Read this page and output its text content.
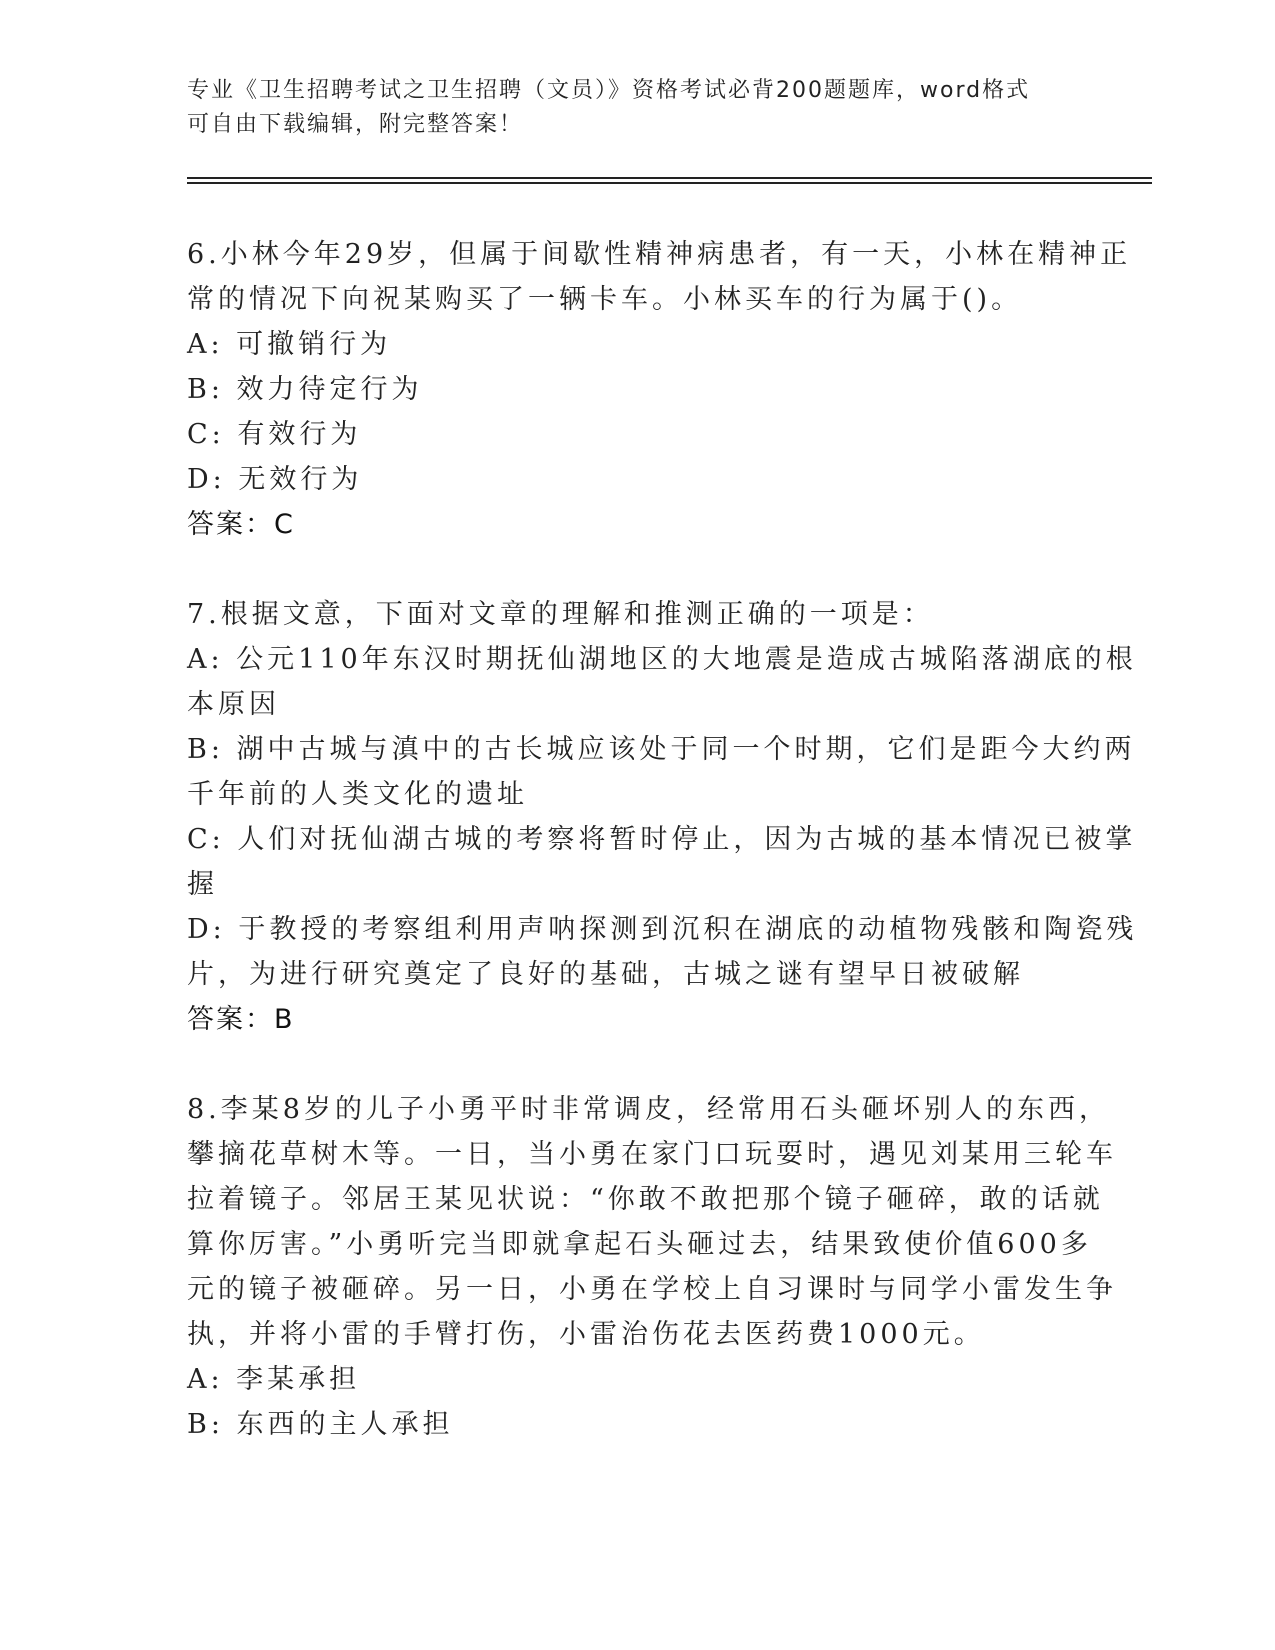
专业《卫生招聘考试之卫生招聘（文员）》资格考试必背200题题库，word格式
可自由下载编辑，附完整答案！
6.小林今年29岁，但属于间歇性精神病患者，有一天，小林在精神正
常的情况下向祝某购买了一辆卡车。小林买车的行为属于()。
A: 可撤销行为
B: 效力待定行为
C: 有效行为
D: 无效行为
答案：C
7.根据文意，下面对文章的理解和推测正确的一项是：
A: 公元110年东汉时期抚仙湖地区的大地震是造成古城陷落湖底的根
本原因
B: 湖中古城与滇中的古长城应该处于同一个时期，它们是距今大约两
千年前的人类文化的遗址
C: 人们对抚仙湖古城的考察将暂时停止，因为古城的基本情况已被掌
握
D: 于教授的考察组利用声呐探测到沉积在湖底的动植物残骸和陶瓷残
片，为进行研究奠定了良好的基础，古城之谜有望早日被破解
答案：B
8.李某8岁的儿子小勇平时非常调皮，经常用石头砸坏别人的东西，
攀摘花草树木等。一日，当小勇在家门口玩耍时，遇见刘某用三轮车
拉着镜子。邻居王某见状说：“你敢不敢把那个镜子砸碎，敢的话就
算你厉害。”小勇听完当即就拿起石头砸过去，结果致使价值600多
元的镜子被砸碎。另一日，小勇在学校上自习课时与同学小雷发生争
执，并将小雷的手臂打伤，小雷治伤花去医药费1000元。
A: 李某承担
B: 东西的主人承担
